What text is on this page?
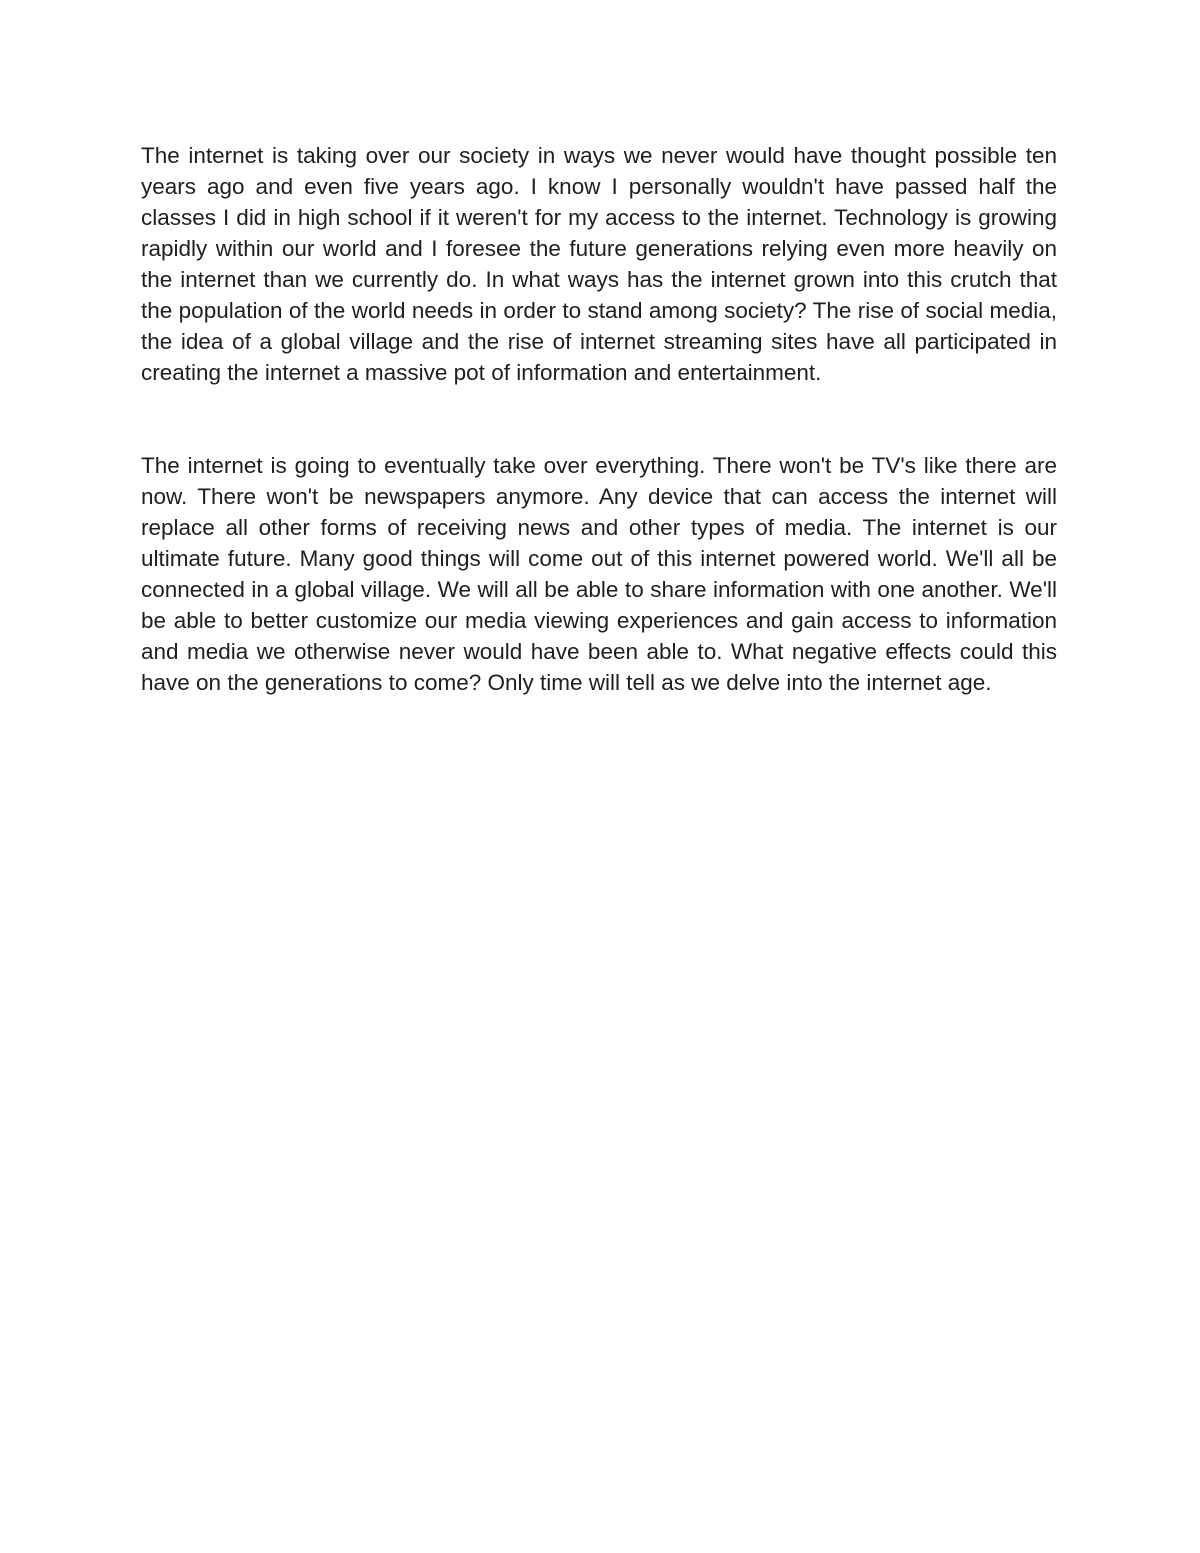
The internet is taking over our society in ways we never would have thought possible ten years ago and even five years ago. I know I personally wouldn't have passed half the classes I did in high school if it weren't for my access to the internet. Technology is growing rapidly within our world and I foresee the future generations relying even more heavily on the internet than we currently do. In what ways has the internet grown into this crutch that the population of the world needs in order to stand among society? The rise of social media, the idea of a global village and the rise of internet streaming sites have all participated in creating the internet a massive pot of information and entertainment.

The internet is going to eventually take over everything. There won't be TV's like there are now. There won't be newspapers anymore. Any device that can access the internet will replace all other forms of receiving news and other types of media. The internet is our ultimate future. Many good things will come out of this internet powered world. We'll all be connected in a global village. We will all be able to share information with one another. We'll be able to better customize our media viewing experiences and gain access to information and media we otherwise never would have been able to. What negative effects could this have on the generations to come? Only time will tell as we delve into the internet age.
